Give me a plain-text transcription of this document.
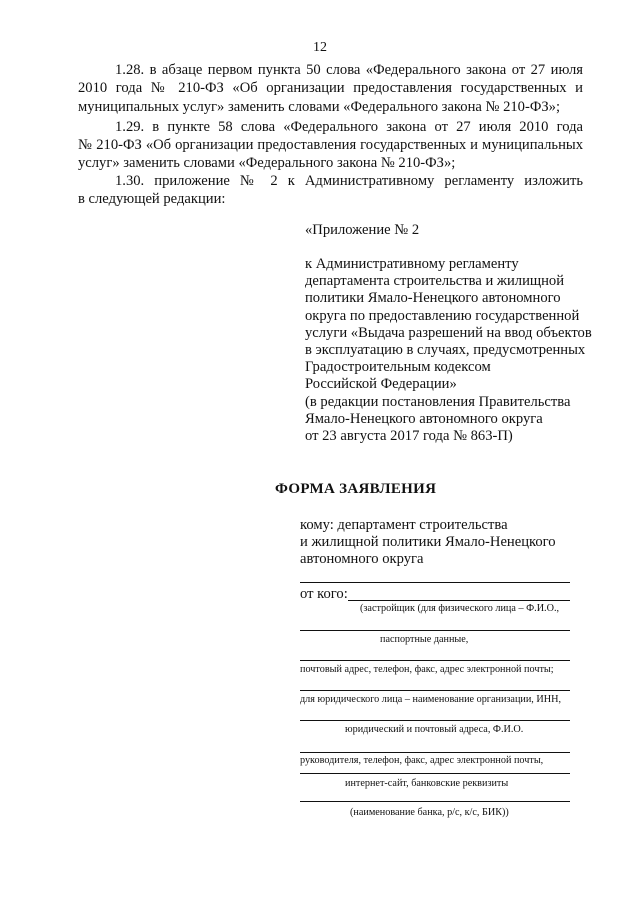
12
1.28. в абзаце первом пункта 50 слова «Федерального закона от 27 июля
2010 года № 210-ФЗ «Об организации предоставления государственных и
муниципальных услуг» заменить словами «Федерального закона № 210-ФЗ»;
1.29. в пункте 58 слова «Федерального закона от 27 июля 2010 года
№ 210-ФЗ «Об организации предоставления государственных и муниципальных
услуг» заменить словами «Федерального закона № 210-ФЗ»;
1.30. приложение № 2 к Административному регламенту изложить
в следующей редакции:
«Приложение № 2
к Административному регламенту
департамента строительства и жилищной
политики Ямало-Ненецкого автономного
округа по предоставлению государственной
услуги «Выдача разрешений на ввод объектов
в эксплуатацию в случаях, предусмотренных
Градостроительным кодексом
Российской Федерации»
(в редакции постановления Правительства
Ямало-Ненецкого автономного округа
от 23 августа 2017 года № 863-П)
ФОРМА ЗАЯВЛЕНИЯ
кому: департамент строительства
и жилищной политики Ямало-Ненецкого
автономного округа
от кого:
(застройщик (для физического лица – Ф.И.О.,
паспортные данные,
почтовый адрес, телефон, факс, адрес электронной почты;
для юридического лица – наименование организации, ИНН,
юридический и почтовый адреса, Ф.И.О.
руководителя, телефон, факс, адрес электронной почты,
интернет-сайт, банковские реквизиты
(наименование банка, р/с, к/с, БИК))
